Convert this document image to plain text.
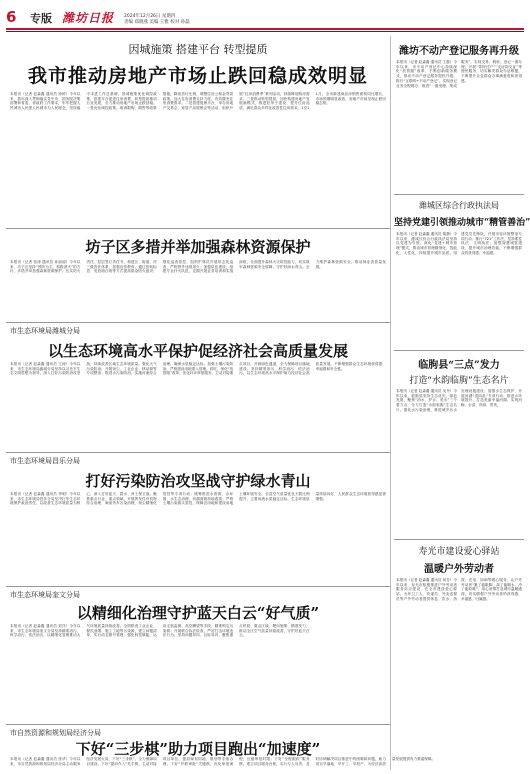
6	专版 潍坊日报 2024年12月26日 星期四
责编 郑晓燕 美编 王雅 校对 孙磊
因城施策 搭建平台 转型提质
我市推动房地产市场止跌回稳成效明显
本报讯（记者 赵森鑫 通讯员 徐婷）今年以来，我市深入贯彻落实党中央、国务院决策部署和省委、省政府工作要求，牢牢把握人民城市人民建人民城市为人民理念，坚持稳中求进工作总基调，因城施策优化调控政策，搭建平台促进住房消费，转型提质推动行业发展，全力推动房地产市场止跌回稳。一是优化调控政策，取消限购、限售等政策措施，降低首付比例，调整住房公积金贷款政策，加大住房消费支持力度，有效激发住房消费需求。二是搭建促销平台，举办房地产交易会、家居产品展销会等活动，组织开展“住房消费季”系列活动，持续释放购房需求。三是推动转型提质，加快构建房地产发展新模式，推进好房子建设，提升住房品质，满足群众多样化改善性住房需求。1至11月，全市新建商品房销售面积同比增长，市场预期明显改善，房地产市场呈现止跌回稳态势。
坊子区多措并举加强森林资源保护
本报讯（记者 张涛 通讯员 孙丽丽）今年以来，坊子区坚持“预防为主、积极消灭”的方针，多措并举加强森林资源保护。压实防火责任，层层签订责任书，构建区、街道、村三级责任体系；加强宣传教育，通过张贴标语、发放明白纸等方式提高群众防火意识；强化巡查管控，组织护林员开展常态化巡查，严防野外违规用火；加强队伍建设，组建专业扑火队伍，定期开展业务培训和实战演练，全面提升森林火灾防控能力，切实筑牢森林资源安全屏障，守护好绿水青山。全力维护森林资源安全，推动林业高质量发展。
市生态环境局潍城分局
以生态环境高水平保护促经济社会高质量发展
本报讯（记者 赵森鑫 通讯员 王涛）今年以来，市生态环境局潍城分局坚持以习近平生态文明思想为指导，深入打好污染防治攻坚战，持续改善区域生态环境质量。强化大气污染防治，开展扬尘、工业企业、移动源等专项整治；推进水污染防治，实施河流综合治理，确保水质稳定达标；加强土壤污染防治，严格建设用地准入管理。同时，深化“放管服”改革，优化环评审批服务，主动对接重点项目，开辟绿色通道，全力保障项目落地建设。坚持精准治污、科学治污、依法治污，以生态环境高水平保护助力经济社会高质量发展，不断增强群众生态环境获得感、幸福感和安全感。
市生态环境局昌乐分局
打好污染防治攻坚战守护绿水青山
本报讯（记者 赵森鑫 通讯员 李明）今年以来，市生态环境局昌乐分局坚决扛牢生态环境保护政治责任，以改善生态环境质量为核心，深入打好蓝天、碧水、净土保卫战。聚焦重点行业、重点领域，开展挥发性有机物综合治理、柴油货车污染治理、扬尘精细化管控等专项行动；统筹推进水资源、水环境、水生态治理，河湖面貌持续改善；严格土壤污染源头管控，保障农用地和建设用地土壤环境安全。全县空气质量优良天数比例提升，主要河流水质稳定达标，生态环境质量持续向好，人民群众生态环境获得感显著增强。
市生态环境局奎文分局
以精细化治理守护蓝天白云“好气质”
本报讯（记者 赵森鑫 通讯员 刘洋）今年以来，市生态环境局奎文分局坚持精准治污、科学治污、依法治污，以精细化管理推动大气环境质量持续改善。全面排查工业企业、餐饮油烟、施工工地等污染源，建立问题清单，实行动态销号管理；强化科技赋能，运用走航监测、高空瞭望等手段，精准锁定污染源；开展联合执法检查，严厉打击环境违法行为。坚持问题导向、目标导向，聚焦重点时段、重点区域，靶向施策、精准发力，推动全区空气质量持续改善，守护好蓝天白云。
市自然资源和规划局经济分局
下好“三步棋”助力项目跑出“加速度”
本报讯（记者 赵森鑫 通讯员 张华）今年以来，市自然资源和规划局经济分局主动服务经济发展大局，下好“三步棋”，全力保障项目建设。下好“提前介入”先手棋，主动对接项目单位，提前谋划用地、规划等手续办理；下好“并联审批”关键棋，优化审批流程，压缩审批时限；下好“全程跟踪”服务棋，建立项目服务台账，实行专人负责，及时协调解决项目推进中的困难和问题，助力项目早落地、早开工、早投产，为经济高质量发展提供有力要素保障。
潍坊不动产登记服务再升级
本报讯（记者 赵森鑫 通讯员 王磊）今年以来，市不动产登记中心持续深化“放管服”改革，不断创新服务模式，推动不动产登记服务提档升级。推行“互联网+不动产登记”，实现登记业务全程网办；推进“一窗受理、集成服务”，实现交易、税收、登记一窗办理；开展“带押过户”“交房即交证”等便民服务，切实解决群众办证难题，不断提升企业群众办事满意度和获得感。
潍城区综合行政执法局
坚持党建引领推动城市“精管善治”
本报讯（记者 赵森鑫 通讯员 陈静）今年以来，潍城区综合行政执法局坚持以党建为引领，深化“党建+城市管理”模式，推动城市管理精细化、智能化、人性化，持续提升城市品质。组建党员先锋队，开展市容环境整治专项行动；推行“721”工作法，坚持柔性执法、文明执法；加强智慧城管建设，提升城市治理效能，不断增强群众的获得感、幸福感。
临朐县“三点”发力
打造“水韵临朐”生态名片
本报讯（记者 赵森鑫 通讯员 吴丹）今年以来，临朐县坚持生态优先、绿色发展，聚焦“治水、护水、美水”三个着力点，全力打造“水韵临朐”生态名片。强化水污染治理，推进城乡污水处理设施建设；加强水生态保护，开展河湖“清四乱”专项行动；推进水环境提升，打造美丽幸福河湖，实现河畅、水清、岸绿、景美。
寿光市建设爱心驿站
温暖户外劳动者
本报讯（记者 赵森鑫 通讯员 何芳）今年以来，寿光市积极推进户外劳动者服务站点建设，在全市建设爱心驿站，为环卫工人、快递员、外卖送餐员等户外劳动者提供休息、饮水、热饭、充电、如厕等暖心服务，让户外劳动者“累了能歇脚、渴了能喝水、冷了能取暖”，用心用情打造城市温暖港湾，切实增强户外劳动者的获得感、幸福感、归属感。
